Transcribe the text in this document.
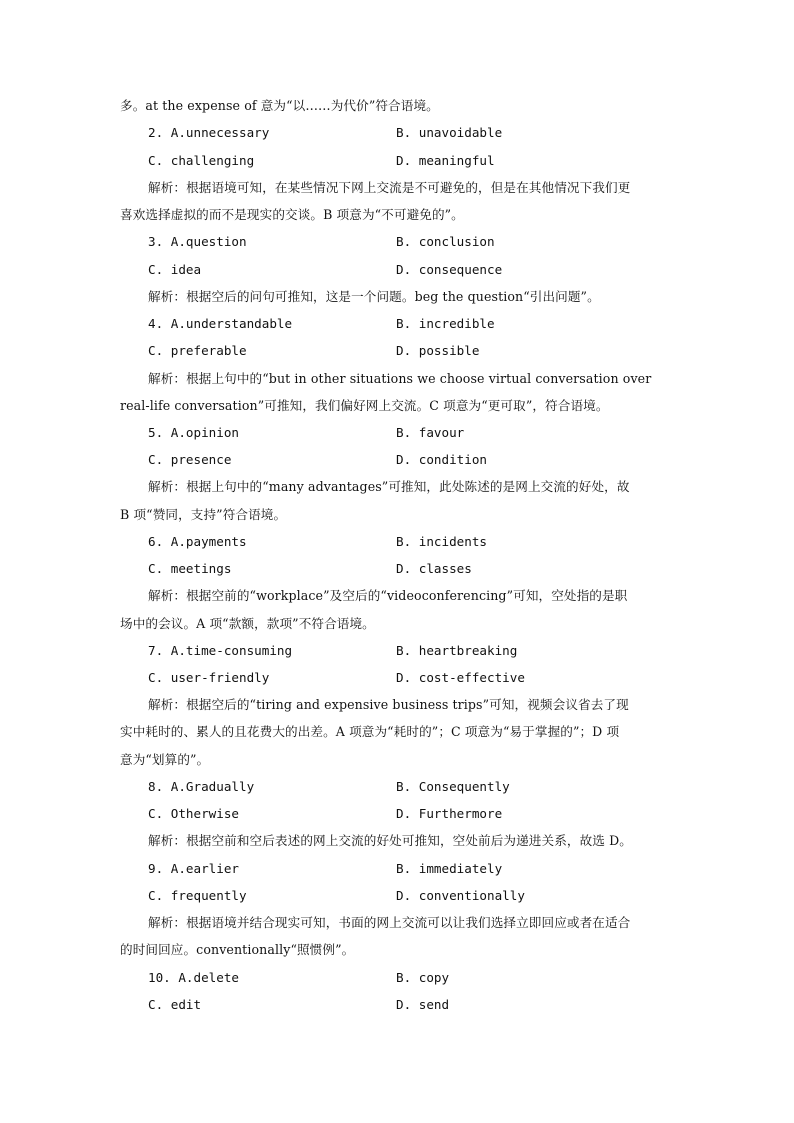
多。at the expense of 意为“以……为代价”符合语境。
2. A.unnecessary	B. unavoidable
C. challenging	D. meaningful
解析：根据语境可知，在某些情况下网上交流是不可避免的，但是在其他情况下我们更
喜欢选择虚拟的而不是现实的交谈。B 项意为“不可避免的”。
3. A.question	B. conclusion
C. idea	D. consequence
解析：根据空后的问句可推知，这是一个问题。beg the question“引出问题”。
4. A.understandable	B. incredible
C. preferable	D. possible
解析：根据上句中的“but in other situations we choose virtual conversation over
real-life conversation”可推知，我们偏好网上交流。C 项意为“更可取”，符合语境。
5. A.opinion	B. favour
C. presence	D. condition
解析：根据上句中的“many advantages”可推知，此处陈述的是网上交流的好处，故
B 项“赞同，支持”符合语境。
6. A.payments	B. incidents
C. meetings	D. classes
解析：根据空前的“workplace”及空后的“videoconferencing”可知，空处指的是职
场中的会议。A 项“款额，款项”不符合语境。
7. A.time-consuming	B. heartbreaking
C. user-friendly	D. cost-effective
解析：根据空后的“tiring and expensive business trips”可知，视频会议省去了现
实中耗时的、累人的且花费大的出差。A 项意为“耗时的”；C 项意为“易于掌握的”；D 项
意为“划算的”。
8. A.Gradually	B. Consequently
C. Otherwise	D. Furthermore
解析：根据空前和空后表述的网上交流的好处可推知，空处前后为递进关系，故选 D。
9. A.earlier	B. immediately
C. frequently	D. conventionally
解析：根据语境并结合现实可知，书面的网上交流可以让我们选择立即回应或者在适合
的时间回应。conventionally“照惯例”。
10. A.delete	B. copy
C. edit	D. send
